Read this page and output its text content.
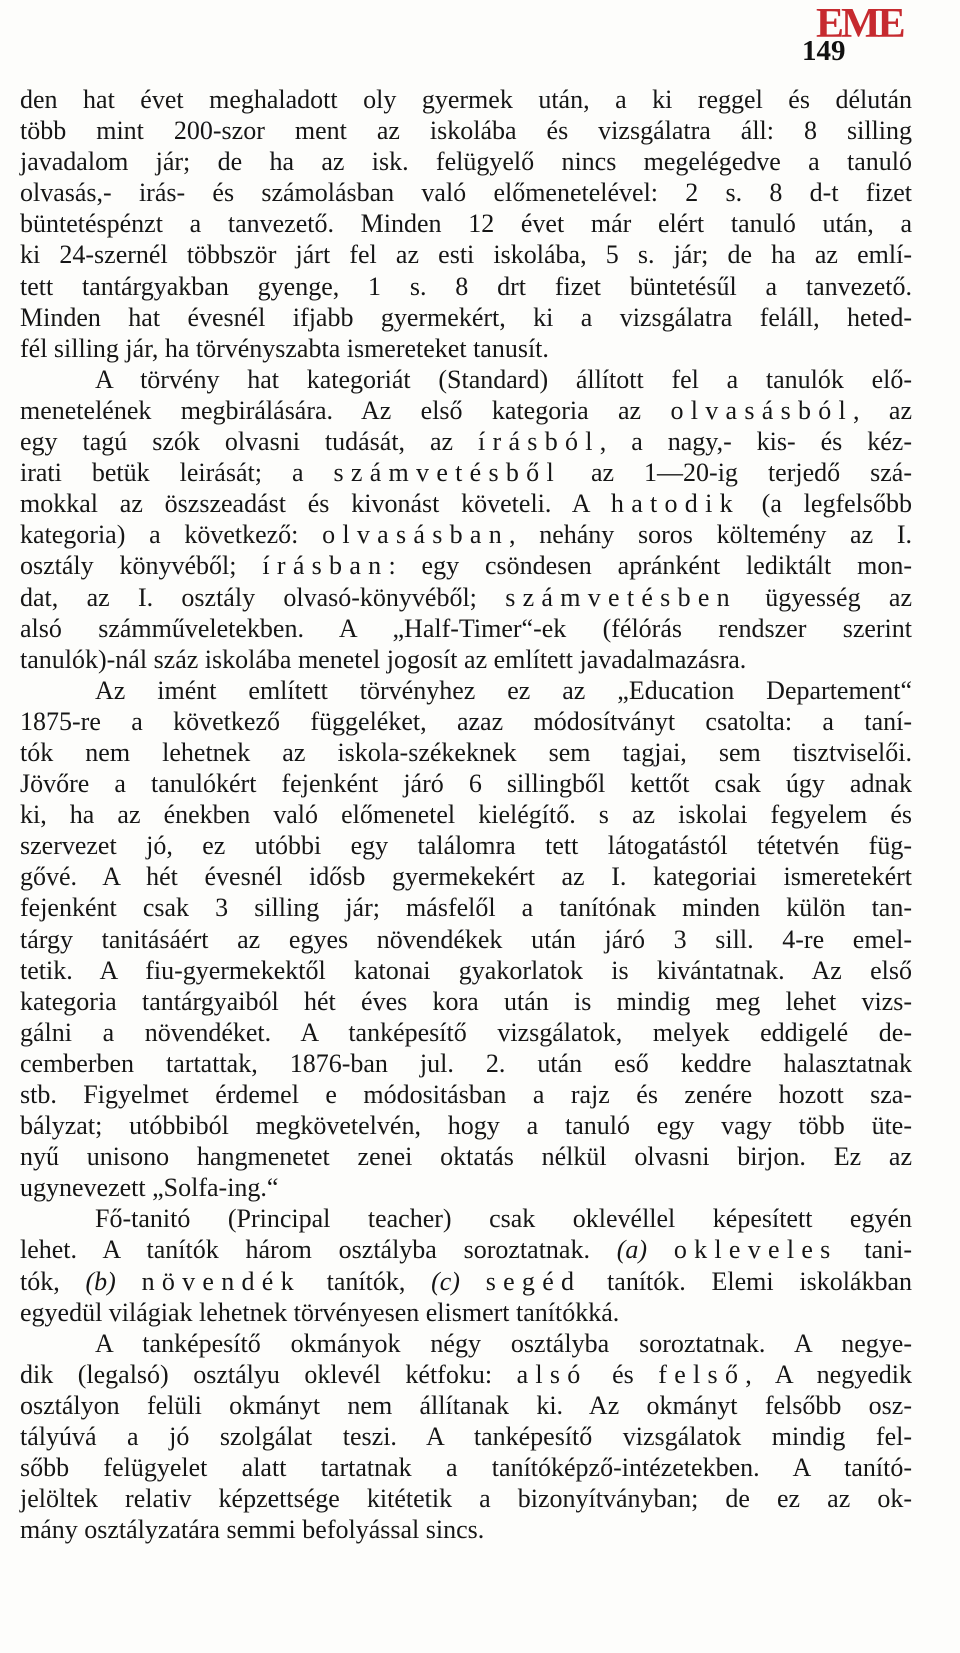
EME
149
den hat évet meghaladott oly gyermek után, a ki reggel és délután
több mint 200-szor ment az iskolába és vizsgálatra áll: 8 silling
javadalom jár; de ha az isk. felügyelő nincs megelégedve a tanuló
olvasás,- irás- és számolásban való előmenetelével: 2 s. 8 d-t fizet
büntetéspénzt a tanvezető. Minden 12 évet már elért tanuló után, a
ki 24-szernél többször járt fel az esti iskolába, 5 s. jár; de ha az emlí-
tett tantárgyakban gyenge, 1 s. 8 drt fizet büntetésűl a tanvezető.
Minden hat évesnél ifjabb gyermekért, ki a vizsgálatra feláll, heted-
fél silling jár, ha törvényszabta ismereteket tanusít.
A törvény hat kategoriát (Standard) állított fel a tanulók elő-
menetelének megbirálására. Az első kategoria az olvasásból, az
egy tagú szók olvasni tudását, az írásból, a nagy,- kis- és kéz-
irati betük leirását; a számvetésből az 1—20-ig terjedő szá-
mokkal az öszszeadást és kivonást követeli. A hatodik (a legfelsőbb
kategoria) a következő: olvasásban, nehány soros költemény az I.
osztály könyvéből; írásban: egy csöndesen apránként lediktált mon-
dat, az I. osztály olvasó-könyvéből; számvetésben ügyesség az
alsó számműveletekben. A „Half-Timer“-ek (félórás rendszer szerint
tanulók)-nál száz iskolába menetel jogosít az említett javadalmazásra.
Az imént említett törvényhez ez az „Education Departement“
1875-re a következő függeléket, azaz módosítványt csatolta: a taní-
tók nem lehetnek az iskola-székeknek sem tagjai, sem tisztviselői.
Jövőre a tanulókért fejenként járó 6 sillingből kettőt csak úgy adnak
ki, ha az énekben való előmenetel kielégítő. s az iskolai fegyelem és
szervezet jó, ez utóbbi egy találomra tett látogatástól tétetvén füg-
gővé. A hét évesnél idősb gyermekekért az I. kategoriai ismeretekért
fejenként csak 3 silling jár; másfelől a tanítónak minden külön tan-
tárgy tanitásáért az egyes növendékek után járó 3 sill. 4-re emel-
tetik. A fiu-gyermekektől katonai gyakorlatok is kivántatnak. Az első
kategoria tantárgyaiból hét éves kora után is mindig meg lehet vizs-
gálni a növendéket. A tanképesítő vizsgálatok, melyek eddigelé de-
cemberben tartattak, 1876-ban jul. 2. után eső keddre halasztatnak
stb. Figyelmet érdemel e módositásban a rajz és zenére hozott sza-
bályzat; utóbbiból megkövetelvén, hogy a tanuló egy vagy több üte-
nyű unisono hangmenetet zenei oktatás nélkül olvasni birjon. Ez az
ugynevezett „Solfa-ing.“
Fő-tanitó (Principal teacher) csak oklevéllel képesített egyén
lehet. A tanítók három osztályba soroztatnak. (a) okleveles tani-
tók, (b) növendék tanítók, (c) segéd tanítók. Elemi iskolákban
egyedül világiak lehetnek törvényesen elismert tanítókká.
A tanképesítő okmányok négy osztályba soroztatnak. A negye-
dik (legalsó) osztályu oklevél kétfoku: alsó és felső, A negyedik
osztályon felüli okmányt nem állítanak ki. Az okmányt felsőbb osz-
tályúvá a jó szolgálat teszi. A tanképesítő vizsgálatok mindig fel-
sőbb felügyelet alatt tartatnak a tanítóképző-intézetekben. A tanító-
jelöltek relativ képzettsége kitétetik a bizonyítványban; de ez az ok-
mány osztályzatára semmi befolyással sincs.
